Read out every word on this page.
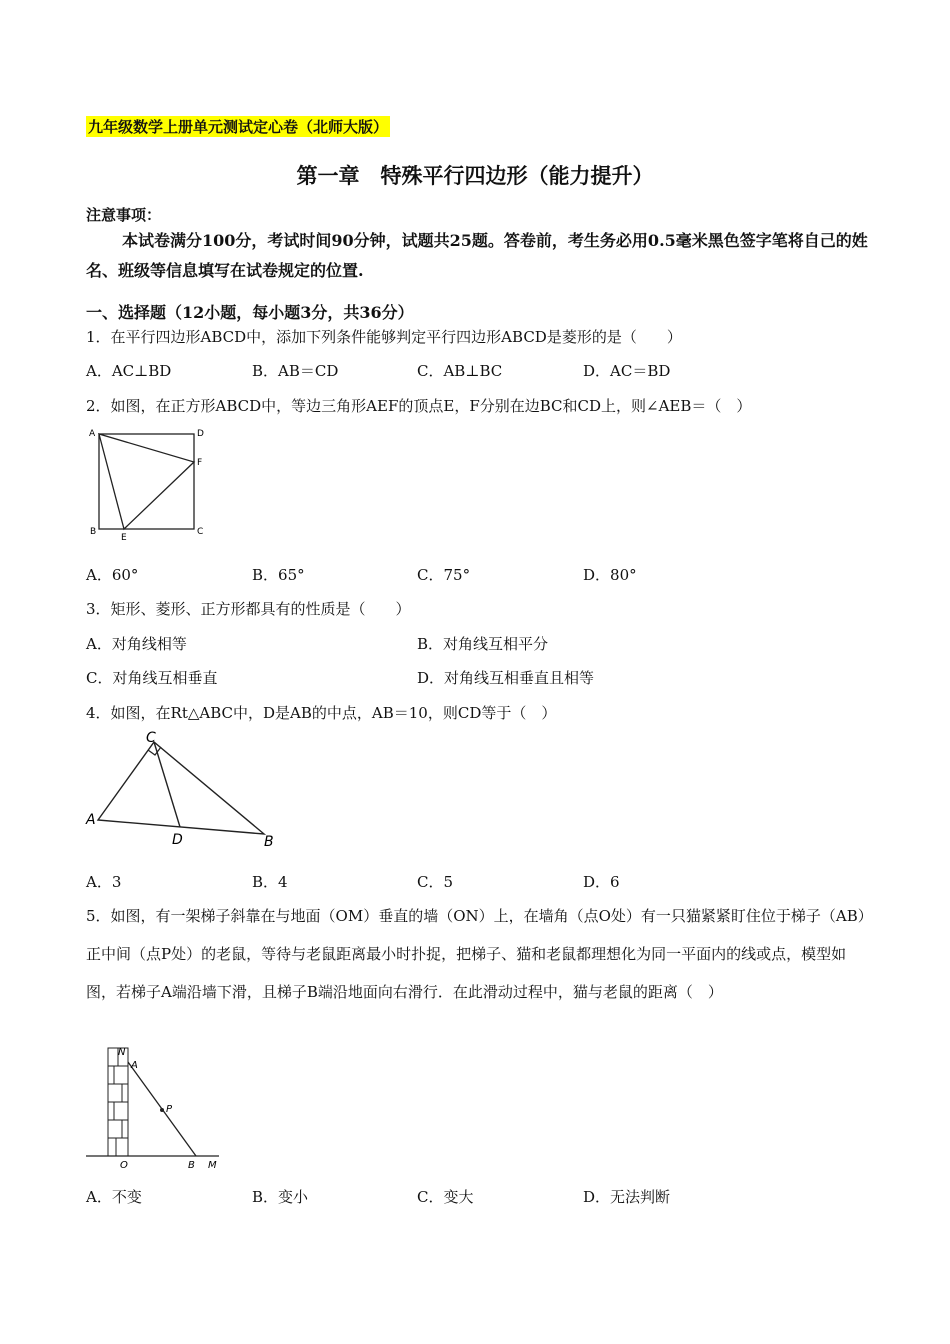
九年级数学上册单元测试定心卷（北师大版）
第一章　特殊平行四边形（能力提升）
注意事项：
本试卷满分100分，考试时间90分钟，试题共25题。答卷前，考生务必用0.5毫米黑色签字笔将自己的姓名、班级等信息填写在试卷规定的位置.
一、选择题（12小题，每小题3分，共36分）
1．在平行四边形ABCD中，添加下列条件能够判定平行四边形ABCD是菱形的是（　　）
A．AC⊥BD	B．AB＝CD	C．AB⊥BC	D．AC＝BD
2．如图，在正方形ABCD中，等边三角形AEF的顶点E，F分别在边BC和CD上，则∠AEB＝（　）
A	D
F
B
E
C
A．60°	B．65°	C．75°	D．80°
3．矩形、菱形、正方形都具有的性质是（　　）
A．对角线相等	B．对角线互相平分
C．对角线互相垂直	D．对角线互相垂直且相等
4．如图，在Rt△ABC中，D是AB的中点，AB＝10，则CD等于（　）
C
A
D	B
A．3	B．4	C．5	D．6
5．如图，有一架梯子斜靠在与地面（OM）垂直的墙（ON）上，在墙角（点O处）有一只猫紧紧盯住位于梯子（AB）正中间（点P处）的老鼠，等待与老鼠距离最小时扑捉，把梯子、猫和老鼠都理想化为同一平面内的线或点，模型如图，若梯子A端沿墙下滑，且梯子B端沿地面向右滑行．在此滑动过程中，猫与老鼠的距离（　）
N
A
P
O	B M
A．不变	B．变小	C．变大	D．无法判断
